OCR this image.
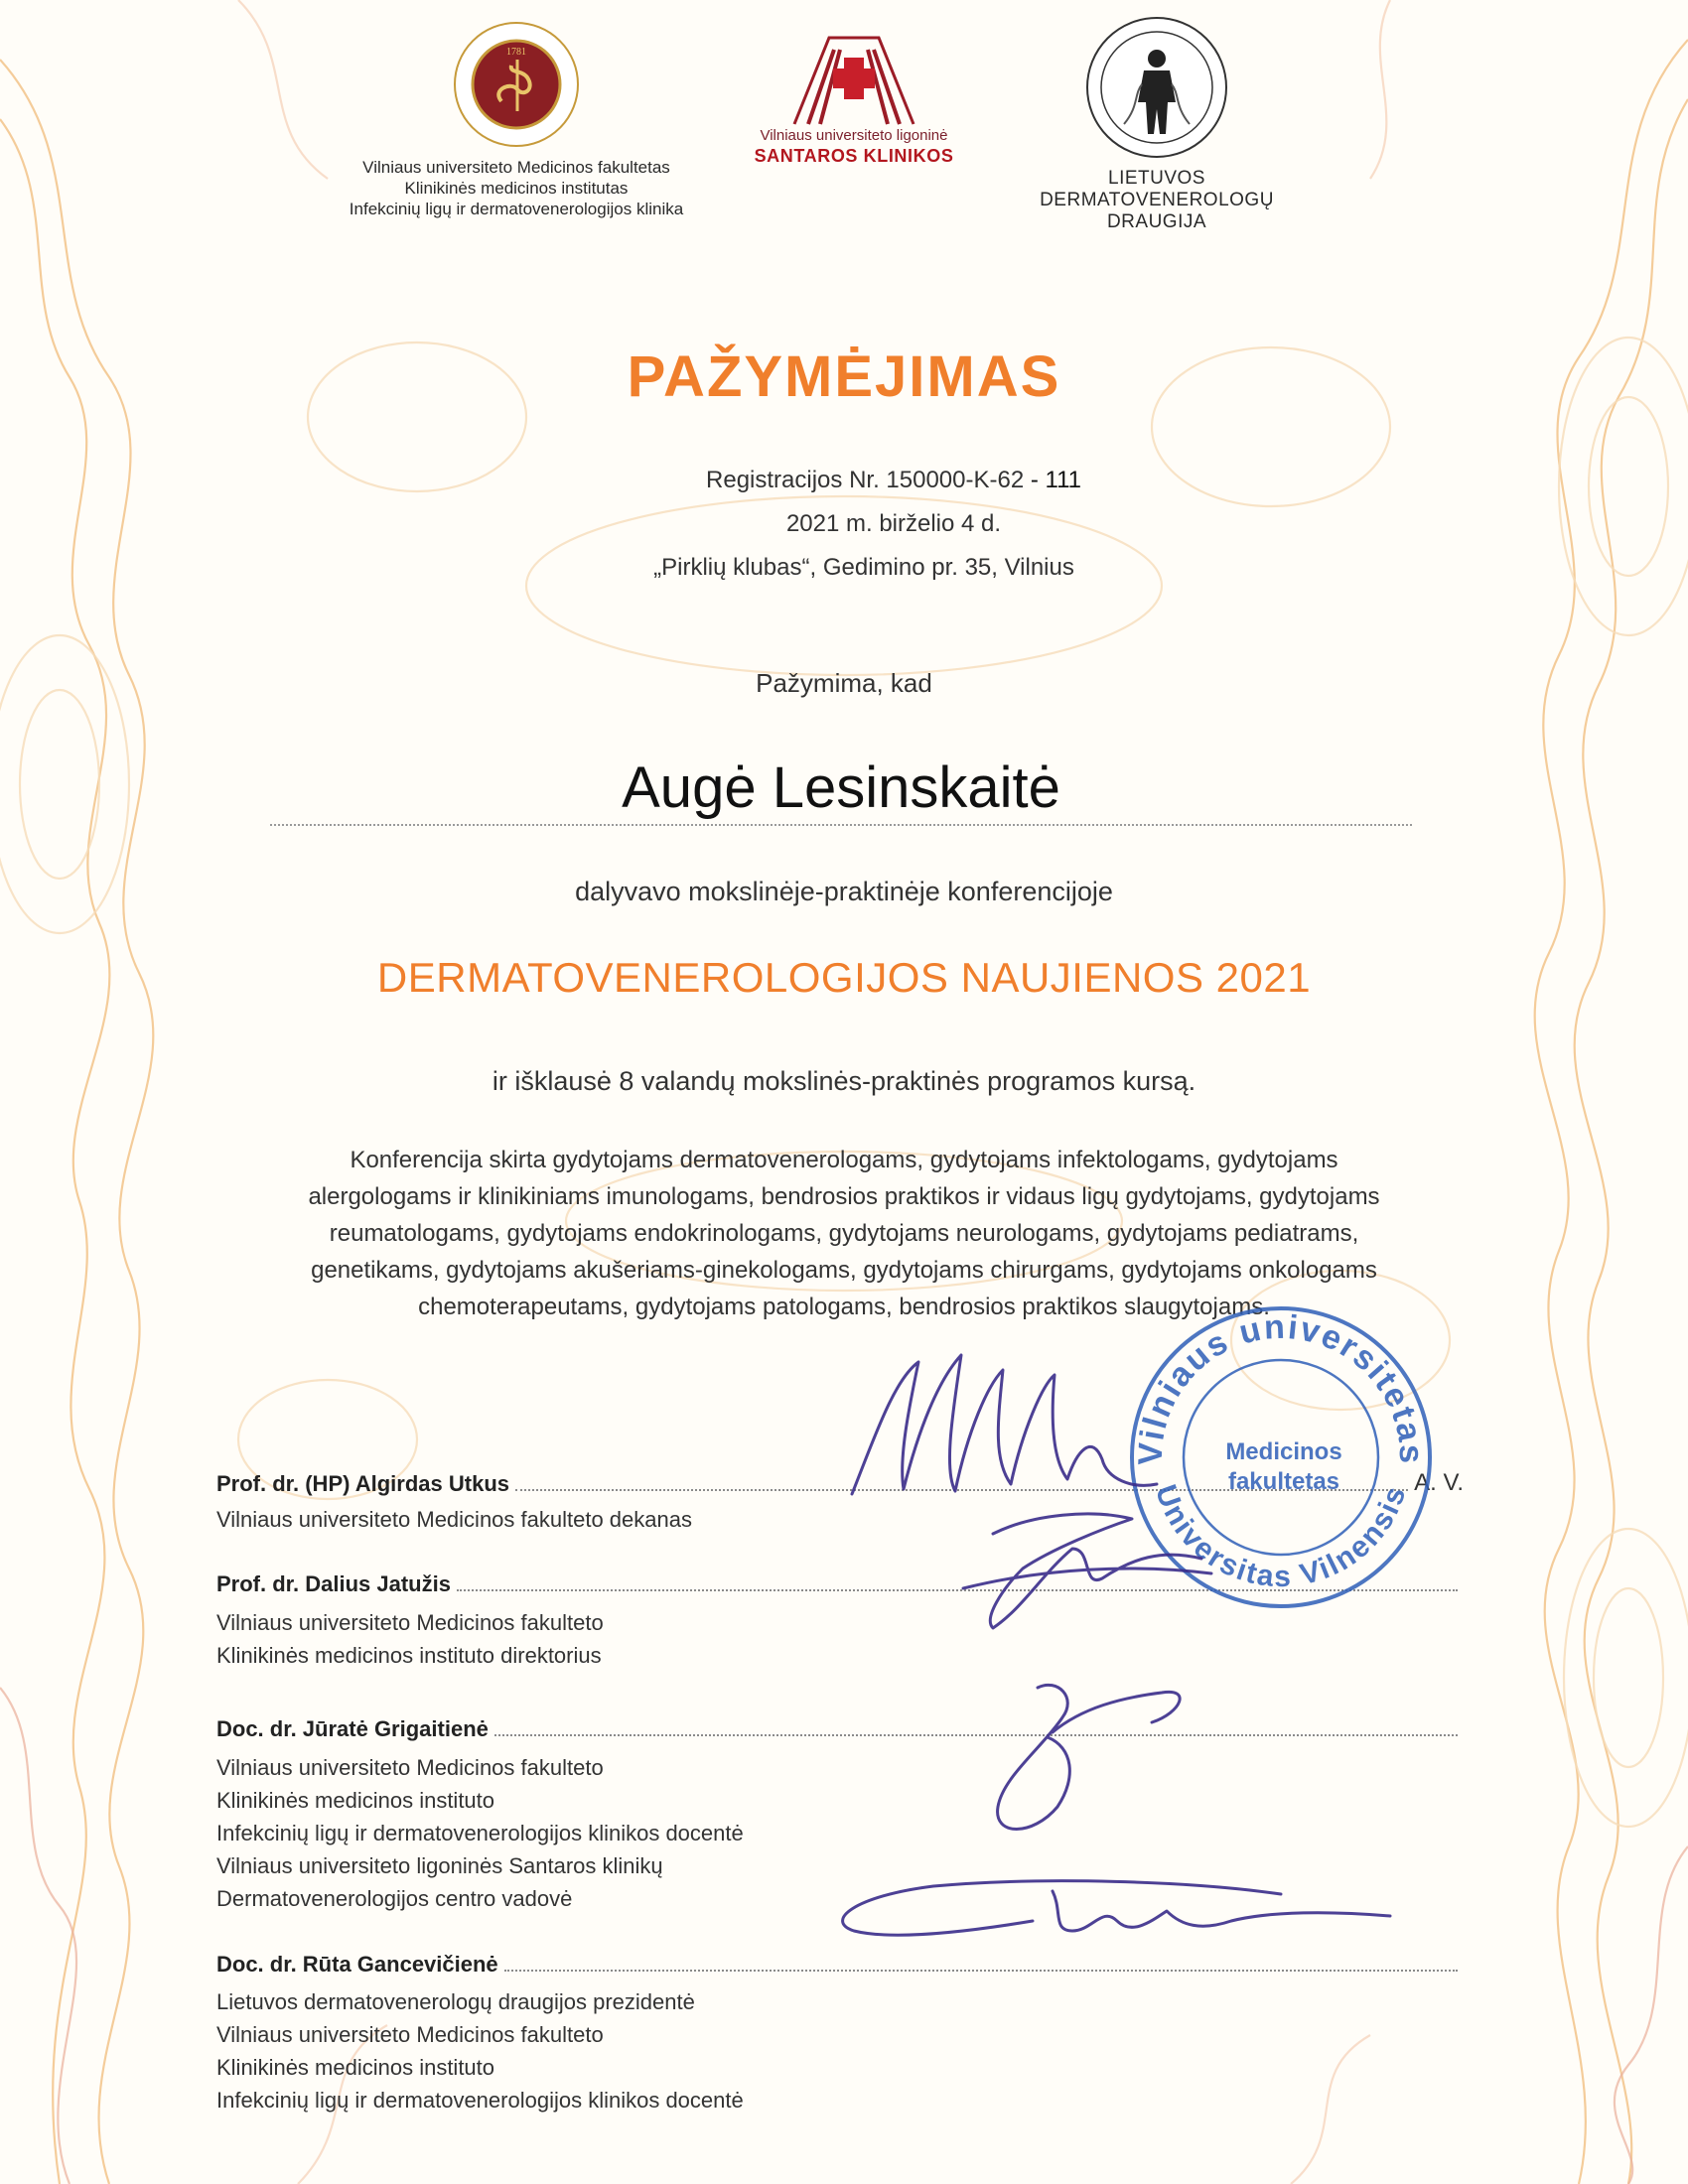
1781
Vilniaus universiteto Medicinos fakultetas
Klinikinės medicinos institutas
Infekcinių ligų ir dermatovenerologijos klinika
Vilniaus universiteto ligoninė
SANTAROS KLINIKOS
LIETUVOS
DERMATOVENEROLOGŲ
DRAUGIJA
PAŽYMĖJIMAS
Registracijos Nr. 150000-K-62 - 111
2021 m. birželio 4 d.
„Pirklių klubas“, Gedimino pr. 35, Vilnius
Pažymima, kad
Augė Lesinskaitė
dalyvavo mokslinėje-praktinėje konferencijoje
DERMATOVENEROLOGIJOS NAUJIENOS 2021
ir išklausė 8 valandų mokslinės-praktinės programos kursą.
Konferencija skirta gydytojams dermatovenerologams, gydytojams infektologams, gydytojams
alergologams ir klinikiniams imunologams, bendrosios praktikos ir vidaus ligų gydytojams, gydytojams
reumatologams, gydytojams endokrinologams, gydytojams neurologams, gydytojams pediatrams,
genetikams, gydytojams akušeriams-ginekologams, gydytojams chirurgams, gydytojams onkologams
chemoterapeutams, gydytojams patologams, bendrosios praktikos slaugytojams.
Prof. dr. (HP) Algirdas Utkus	A. V.
Vilniaus universiteto Medicinos fakulteto dekanas
Prof. dr. Dalius Jatužis
Vilniaus universiteto Medicinos fakulteto
Klinikinės medicinos instituto direktorius
Doc. dr. Jūratė Grigaitienė
Vilniaus universiteto Medicinos fakulteto
Klinikinės medicinos instituto
Infekcinių ligų ir dermatovenerologijos klinikos docentė
Vilniaus universiteto ligoninės Santaros klinikų
Dermatovenerologijos centro vadovė
Doc. dr. Rūta Gancevičienė
Lietuvos dermatovenerologų draugijos prezidentė
Vilniaus universiteto Medicinos fakulteto
Klinikinės medicinos instituto
Infekcinių ligų ir dermatovenerologijos klinikos docentė
Vilniaus universitetas
Universitas Vilnensis
Medicinos
fakultetas
